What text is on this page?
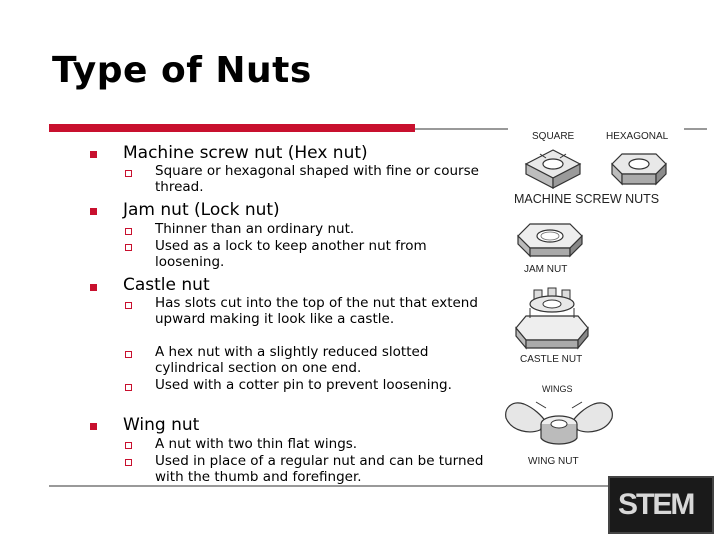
Type of Nuts
Machine screw nut (Hex nut)
Square or hexagonal shaped with fine or course thread.
Jam nut (Lock nut)
Thinner than an ordinary nut.
Used as a lock to keep another nut from loosening.
Castle nut
Has slots cut into the top of the nut that extend upward making it look like a castle.
A hex nut with a slightly reduced slotted cylindrical section on one end.
Used with a cotter pin to prevent loosening.
Wing nut
A nut with two thin flat wings.
Used in place of a regular nut and can be turned with the thumb and forefinger.
SQUARE	HEXAGONAL
MACHINE SCREW NUTS
JAM NUT
CASTLE NUT
WINGS
WING NUT
STEM
